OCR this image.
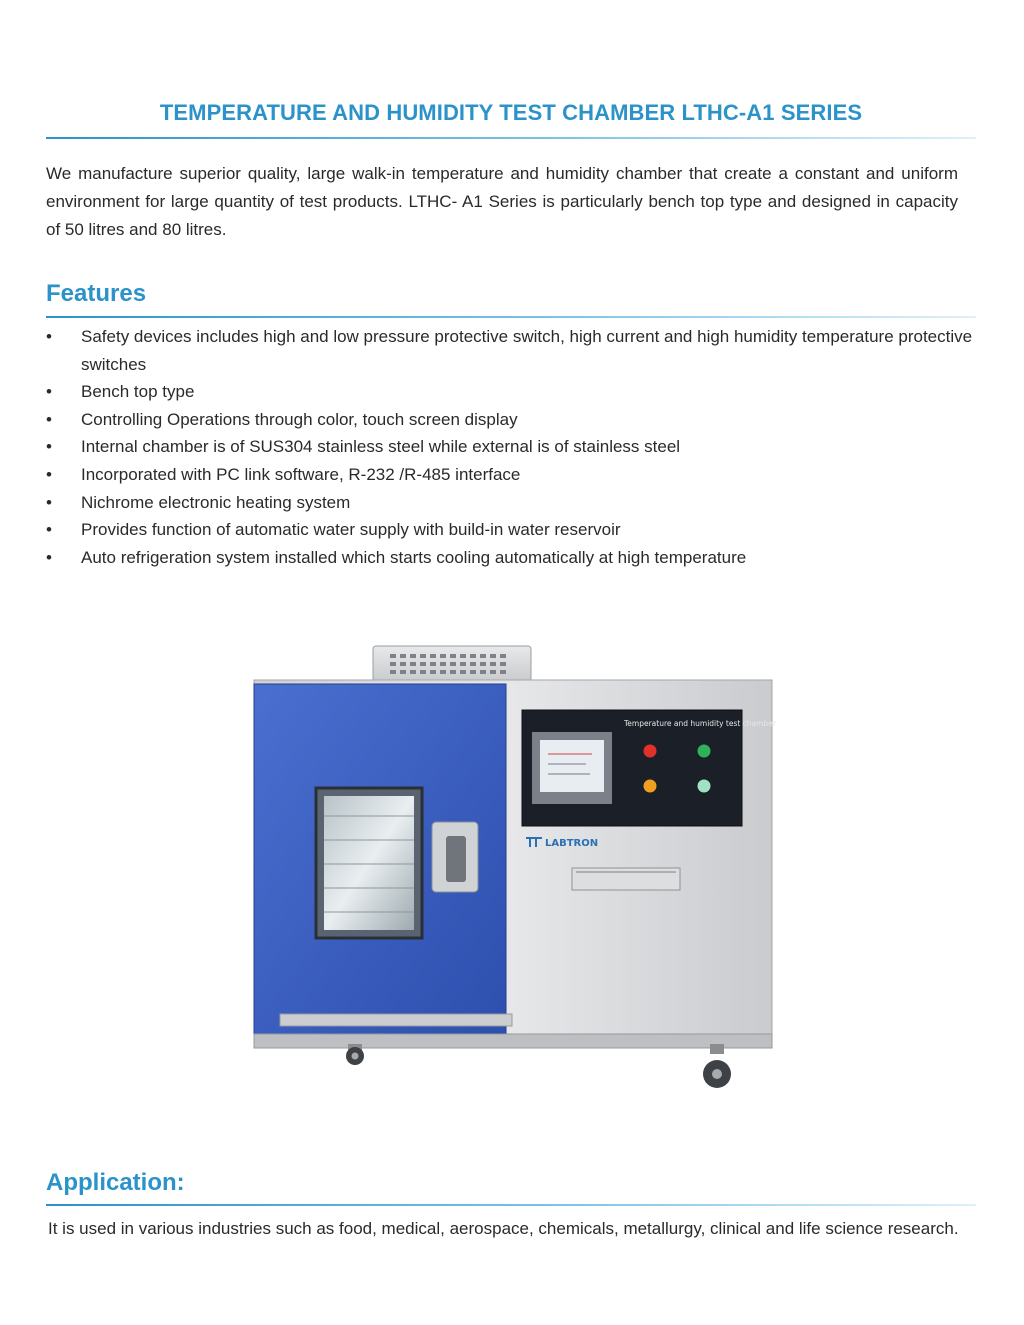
TEMPERATURE AND HUMIDITY TEST CHAMBER LTHC-A1 SERIES

We manufacture superior quality, large walk-in temperature and humidity chamber that create a constant and uniform environment for large quantity of test products. LTHC- A1 Series is particularly bench top type and designed in capacity of 50 litres and 80 litres.

Features
• Safety devices includes high and low pressure protective switch, high current and high humidity temperature protective switches
• Bench top type
• Controlling Operations through color, touch screen display
• Internal chamber is of SUS304 stainless steel while external is of stainless steel
• Incorporated with PC link software, R-232 /R-485 interface
• Nichrome electronic heating system
• Provides function of automatic water supply with build-in water reservoir
• Auto refrigeration system installed which starts cooling automatically at high temperature
Temperature and humidity test chamber
LABTRON
Application:

It is used in various industries such as food, medical, aerospace, chemicals, metallurgy, clinical and life science research.
